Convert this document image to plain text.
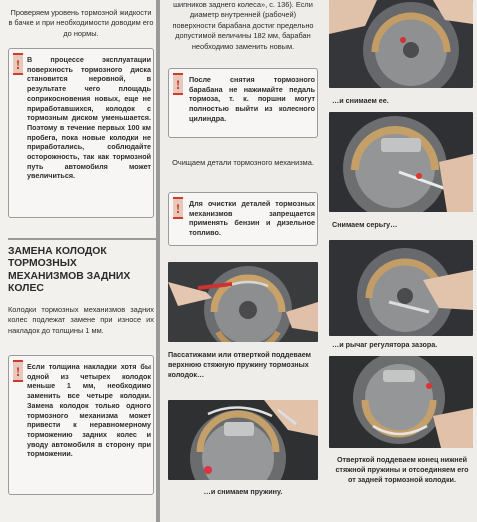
Проверяем уровень тормозной жидкости в бачке и при необходимости доводим его до нормы.
! В процессе эксплуатации поверхность тормозного диска становится неровной, в результате чего площадь соприкосновения новых, еще не приработавшихся, колодок с тормозным диском уменьшается. Поэтому в течение первых 100 км пробега, пока новые колодки не приработались, соблюдайте осторожность, так как тормозной путь автомобиля может увеличиться.
ЗАМЕНА КОЛОДОК ТОРМОЗНЫХ МЕХАНИЗМОВ ЗАДНИХ КОЛЕС
Колодки тормозных механизмов задних колес подлежат замене при износе их накладок до толщины 1 мм.
! Если толщина накладки хотя бы одной из четырех колодок меньше 1 мм, необходимо заменить все четыре колодки. Замена колодок только одного тормозного механизма может привести к неравномерному торможению задних колес и уводу автомобиля в сторону при торможении.
шипников заднего колеса», с. 136). Если диаметр внутренней (рабочей) поверхности барабана достиг предельно допустимой величины 182 мм, барабан необходимо заменить новым.
! После снятия тормозного барабана не нажимайте педаль тормоза, т. к. поршни могут полностью выйти из колесного цилиндра.
Очищаем детали тормозного механизма.
! Для очистки деталей тормозных механизмов запрещается применять бензин и дизельное топливо.
Пассатижами или отверткой поддеваем верхнюю стяжную пружину тормозных колодок…
…и снимаем пружину.
…и снимаем ее.
Снимаем серьгу…
…и рычаг регулятора зазора.
Отверткой поддеваем конец нижней стяжной пружины и отсоединяем его от задней тормозной колодки.
